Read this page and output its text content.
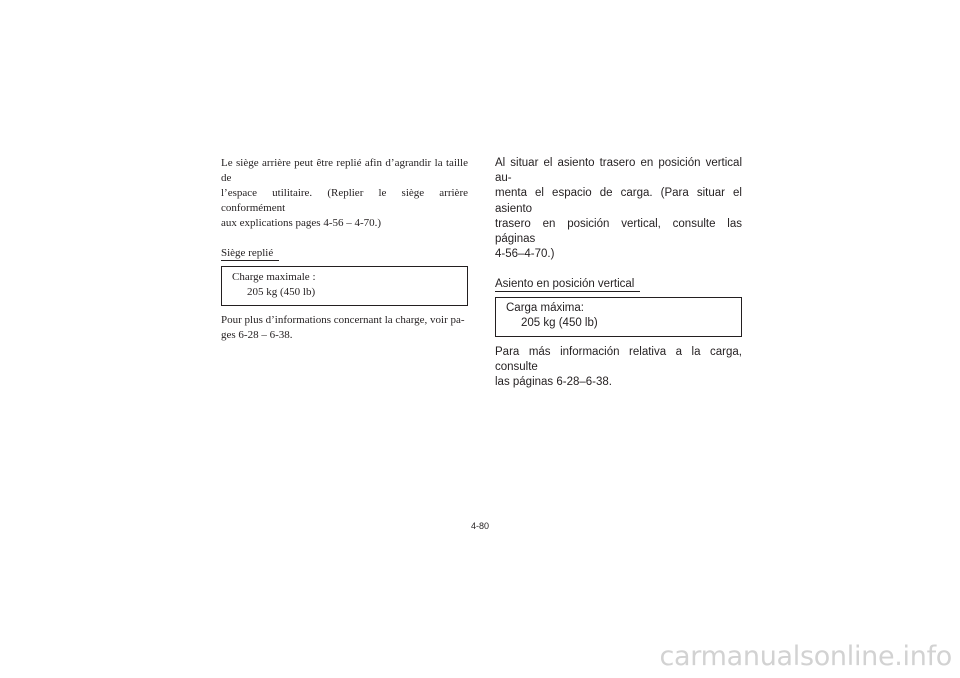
Le siège arrière peut être replié afin d’agrandir la taille de
l’espace utilitaire. (Replier le siège arrière conformément
aux explications pages 4-56 – 4-70.)

Siège replié
Charge maximale :
205 kg (450 lb)

Pour plus d’informations concernant la charge, voir pa-
ges 6-28 – 6-38.

Al situar el asiento trasero en posición vertical au-
menta el espacio de carga. (Para situar el asiento
trasero en posición vertical, consulte las páginas
4-56–4-70.)

Asiento en posición vertical
Carga máxima:
205 kg (450 lb)

Para más información relativa a la carga, consulte
las páginas 6-28–6-38.

4-80
carmanualsonline.info
